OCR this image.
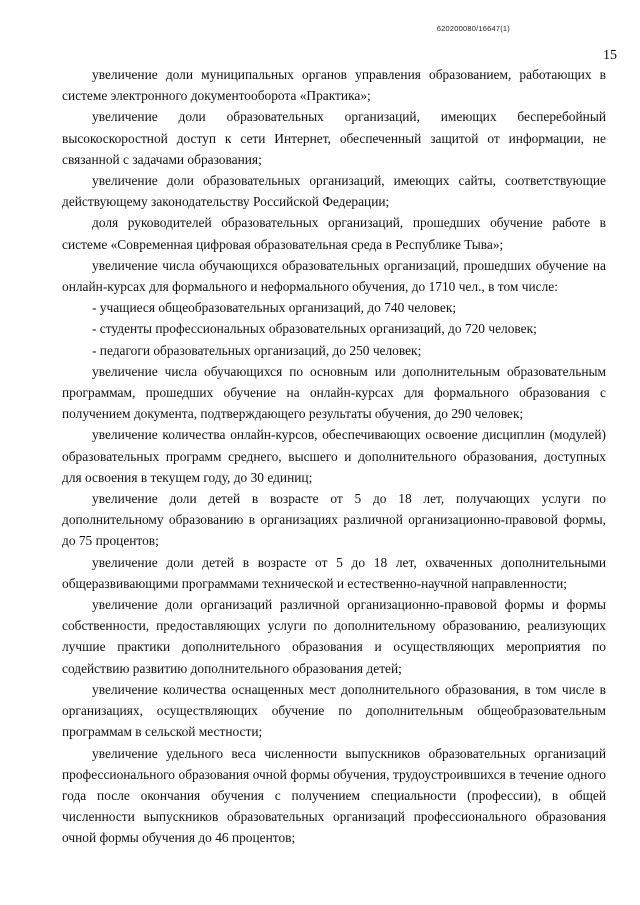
620200080/16647(1)
15

увеличение доли муниципальных органов управления образованием, работающих в системе электронного документооборота «Практика»;

увеличение доли образовательных организаций, имеющих бесперебойный высокоскоростной доступ к сети Интернет, обеспеченный защитой от информации, не связанной с задачами образования;

увеличение доли образовательных организаций, имеющих сайты, соответствующие действующему законодательству Российской Федерации;

доля руководителей образовательных организаций, прошедших обучение работе в системе «Современная цифровая образовательная среда в Республике Тыва»;

увеличение числа обучающихся образовательных организаций, прошедших обучение на онлайн-курсах для формального и неформального обучения, до 1710 чел., в том числе:

- учащиеся общеобразовательных организаций, до 740 человек;

- студенты профессиональных образовательных организаций, до 720 человек;

- педагоги образовательных организаций, до 250 человек;

увеличение числа обучающихся по основным или дополнительным образовательным программам, прошедших обучение на онлайн-курсах для формального образования с получением документа, подтверждающего результаты обучения, до 290 человек;

увеличение количества онлайн-курсов, обеспечивающих освоение дисциплин (модулей) образовательных программ среднего, высшего и дополнительного образования, доступных для освоения в текущем году, до 30 единиц;

увеличение доли детей в возрасте от 5 до 18 лет, получающих услуги по дополнительному образованию в организациях различной организационно-правовой формы, до 75 процентов;

увеличение доли детей в возрасте от 5 до 18 лет, охваченных дополнительными общеразвивающими программами технической и естественно-научной направленности;

увеличение доли организаций различной организационно-правовой формы и формы собственности, предоставляющих услуги по дополнительному образованию, реализующих лучшие практики дополнительного образования и осуществляющих мероприятия по содействию развитию дополнительного образования детей;

увеличение количества оснащенных мест дополнительного образования, в том числе в организациях, осуществляющих обучение по дополнительным общеобразовательным программам в сельской местности;

увеличение удельного веса численности выпускников образовательных организаций профессионального образования очной формы обучения, трудоустроившихся в течение одного года после окончания обучения с получением специальности (профессии), в общей численности выпускников образовательных организаций профессионального образования очной формы обучения до 46 процентов;
